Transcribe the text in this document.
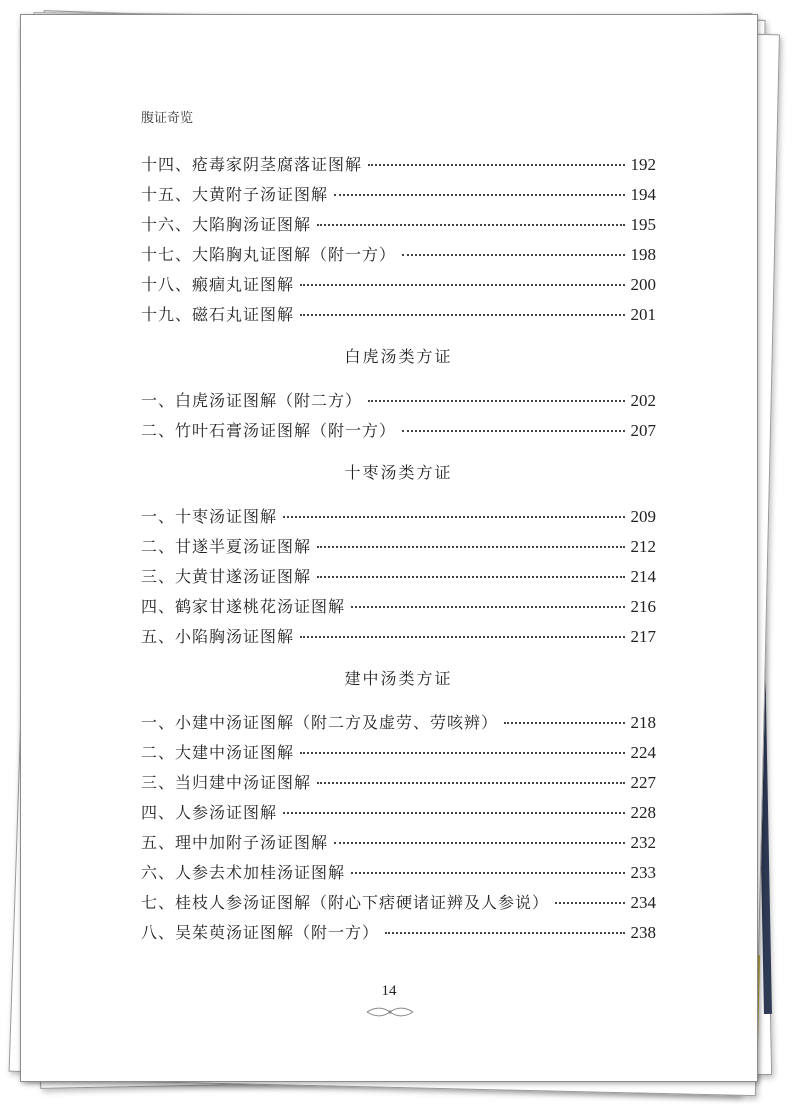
腹证奇览
十四、疮毒家阴茎腐落证图解	192
十五、大黄附子汤证图解	194
十六、大陷胸汤证图解	195
十七、大陷胸丸证图解（附一方）	198
十八、瘢痼丸证图解	200
十九、磁石丸证图解	201
白虎汤类方证
一、白虎汤证图解（附二方）	202
二、竹叶石膏汤证图解（附一方）	207
十枣汤类方证
一、十枣汤证图解	209
二、甘遂半夏汤证图解	212
三、大黄甘遂汤证图解	214
四、鹤家甘遂桃花汤证图解	216
五、小陷胸汤证图解	217
建中汤类方证
一、小建中汤证图解（附二方及虚劳、劳咳辨）	218
二、大建中汤证图解	224
三、当归建中汤证图解	227
四、人参汤证图解	228
五、理中加附子汤证图解	232
六、人参去术加桂汤证图解	233
七、桂枝人参汤证图解（附心下痞硬诸证辨及人参说）	234
八、吴茱萸汤证图解（附一方）	238
14
